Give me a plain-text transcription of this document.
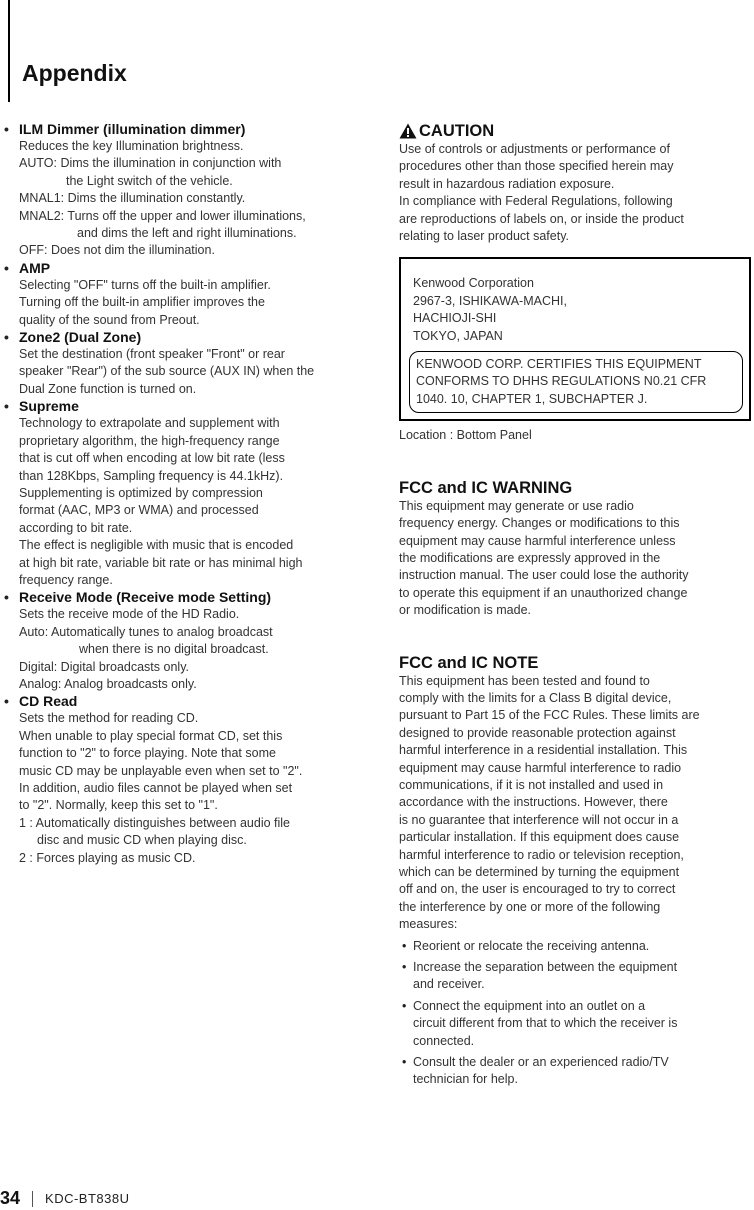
Appendix
• ILM Dimmer (illumination dimmer)
Reduces the key Illumination brightness.
AUTO: Dims the illumination in conjunction with
the Light switch of the vehicle.
MNAL1: Dims the illumination constantly.
MNAL2: Turns off the upper and lower illuminations,
and dims the left and right illuminations.
OFF: Does not dim the illumination.
• AMP
Selecting "OFF" turns off the built-in amplifier.
Turning off the built-in amplifier improves the
quality of the sound from Preout.
• Zone2 (Dual Zone)
Set the destination (front speaker "Front" or rear
speaker "Rear") of the sub source (AUX IN) when the
Dual Zone function is turned on.
• Supreme
Technology to extrapolate and supplement with
proprietary algorithm, the high-frequency range
that is cut off when encoding at low bit rate (less
than 128Kbps, Sampling frequency is 44.1kHz).
Supplementing is optimized by compression
format (AAC, MP3 or WMA) and processed
according to bit rate.
The effect is negligible with music that is encoded
at high bit rate, variable bit rate or has minimal high
frequency range.
• Receive Mode (Receive mode Setting)
Sets the receive mode of the HD Radio.
Auto: Automatically tunes to analog broadcast
when there is no digital broadcast.
Digital: Digital broadcasts only.
Analog: Analog broadcasts only.
• CD Read
Sets the method for reading CD.
When unable to play special format CD, set this
function to "2" to force playing. Note that some
music CD may be unplayable even when set to "2".
In addition, audio files cannot be played when set
to "2". Normally, keep this set to "1".
1 : Automatically distinguishes between audio file
disc and music CD when playing disc.
2 : Forces playing as music CD.
CAUTION
Use of controls or adjustments or performance of
procedures other than those specified herein may
result in hazardous radiation exposure.
In compliance with Federal Regulations, following
are reproductions of labels on, or inside the product
relating to laser product safety.
Kenwood Corporation
2967-3, ISHIKAWA-MACHI,
HACHIOJI-SHI
TOKYO, JAPAN
KENWOOD CORP. CERTIFIES THIS EQUIPMENT
CONFORMS TO DHHS REGULATIONS N0.21 CFR
1040. 10, CHAPTER 1, SUBCHAPTER J.
Location : Bottom Panel
FCC and IC WARNING
This equipment may generate or use radio
frequency energy. Changes or modifications to this
equipment may cause harmful interference unless
the modifications are expressly approved in the
instruction manual. The user could lose the authority
to operate this equipment if an unauthorized change
or modification is made.
FCC and IC NOTE
This equipment has been tested and found to
comply with the limits for a Class B digital device,
pursuant to Part 15 of the FCC Rules. These limits are
designed to provide reasonable protection against
harmful interference in a residential installation. This
equipment may cause harmful interference to radio
communications, if it is not installed and used in
accordance with the instructions. However, there
is no guarantee that interference will not occur in a
particular installation. If this equipment does cause
harmful interference to radio or television reception,
which can be determined by turning the equipment
off and on, the user is encouraged to try to correct
the interference by one or more of the following
measures:
• Reorient or relocate the receiving antenna.
• Increase the separation between the equipment
and receiver.
• Connect the equipment into an outlet on a
circuit different from that to which the receiver is
connected.
• Consult the dealer or an experienced radio/TV
technician for help.
34 KDC-BT838U
